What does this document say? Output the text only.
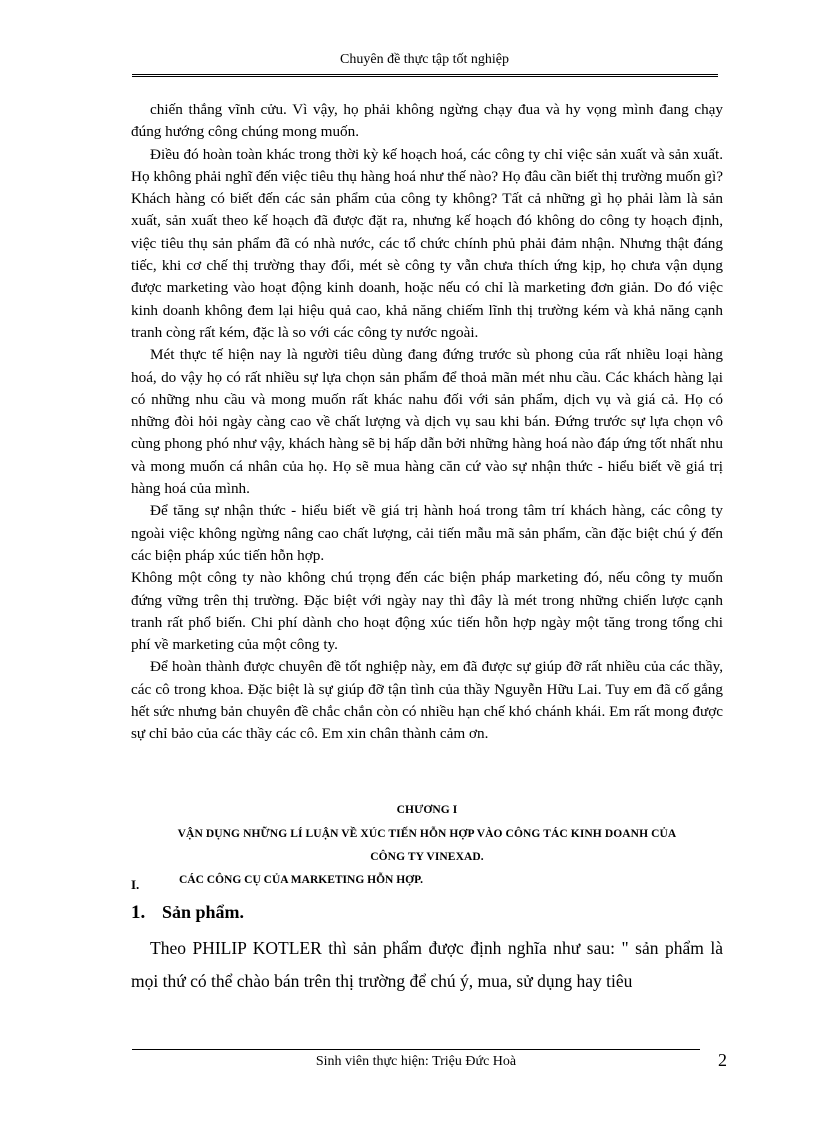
Chuyên đề thực tập tốt nghiệp

chiến thắng vĩnh cửu. Vì vậy, họ phải không ngừng chạy đua và hy vọng mình đang chạy đúng hướng công chúng mong muốn.

Điều đó hoàn toàn khác trong thời kỳ kế hoạch hoá, các công ty chỉ việc sản xuất và sản xuất. Họ không phải nghĩ đến việc tiêu thụ hàng hoá như thế nào? Họ đâu cần biết thị trường muốn gì? Khách hàng có biết đến các sản phẩm của công ty không? Tất cả những gì họ phải làm là sản xuất, sản xuất theo kế hoạch đã được đặt ra, nhưng kế hoạch đó không do công ty hoạch định, việc tiêu thụ sản phẩm đã có nhà nước, các tổ chức chính phủ phải đảm nhận. Nhưng thật đáng tiếc, khi cơ chế thị trường thay đổi, mét sè công ty vẫn chưa thích ứng kịp, họ chưa vận dụng được marketing vào hoạt động kinh doanh, hoặc nếu có chỉ là marketing đơn giản. Do đó việc kinh doanh không đem lại hiệu quả cao, khả năng chiếm lĩnh thị trường kém và khả năng cạnh tranh còng rất kém, đặc là so với các công ty nước ngoài.

Mét thực tế hiện nay là người tiêu dùng đang đứng trước sù phong của rất nhiều loại hàng hoá, do vậy họ có rất nhiều sự lựa chọn sản phẩm để thoả mãn mét nhu cầu. Các khách hàng lại có những nhu cầu và mong muốn rất khác nahu đối với sản phẩm, dịch vụ và giá cả. Họ có những đòi hỏi ngày càng cao về chất lượng và dịch vụ sau khi bán. Đứng trước sự lựa chọn vô cùng phong phó như vậy, khách hàng sẽ bị hấp dẫn bởi những hàng hoá nào đáp ứng tốt nhất nhu và mong muốn cá nhân của họ. Họ sẽ mua hàng căn cứ vào sự nhận thức - hiểu biết về giá trị hàng hoá của mình.

Để tăng sự nhận thức - hiểu biết về giá trị hành hoá trong tâm trí khách hàng, các công ty ngoài việc không ngừng nâng cao chất lượng, cải tiến mẫu mã sản phẩm, cần đặc biệt chú ý đến các biện pháp xúc tiến hỗn hợp.

Không một công ty nào không chú trọng đến các biện pháp marketing đó, nếu công ty muốn đứng vững trên thị trường. Đặc biệt với ngày nay thì đây là mét trong những chiến lược cạnh tranh rất phổ biến. Chi phí dành cho hoạt động xúc tiến hỗn hợp ngày một tăng trong tổng chi phí về marketing của một công ty.

Để hoàn thành được chuyên đề tốt nghiệp này, em đã được sự giúp đỡ rất nhiều của các thầy, các cô trong khoa. Đặc biệt là sự giúp đỡ tận tình của thầy Nguyễn Hữu Lai. Tuy em đã cố gắng hết sức nhưng bản chuyên đề chắc chắn còn có nhiều hạn chế khó chánh khái. Em rất mong được sự chỉ bảo của các thầy các cô. Em xin chân thành cảm ơn.

CHƯƠNG I
VẬN DỤNG NHỮNG LÍ LUẬN VỀ XÚC TIẾN HỖN HỢP VÀO CÔNG TÁC KINH DOANH CỦA
CÔNG TY VINEXAD.
I.	CÁC CÔNG CỤ CỦA MARKETING HỖN HỢP.
1. Sản phẩm.

Theo PHILIP KOTLER thì sản phẩm được định nghĩa như sau: " sản phẩm là mọi thứ có thể chào bán trên thị trường để chú ý, mua, sử dụng hay tiêu

Sinh viên thực hiện: Triệu Đức Hoà	2
